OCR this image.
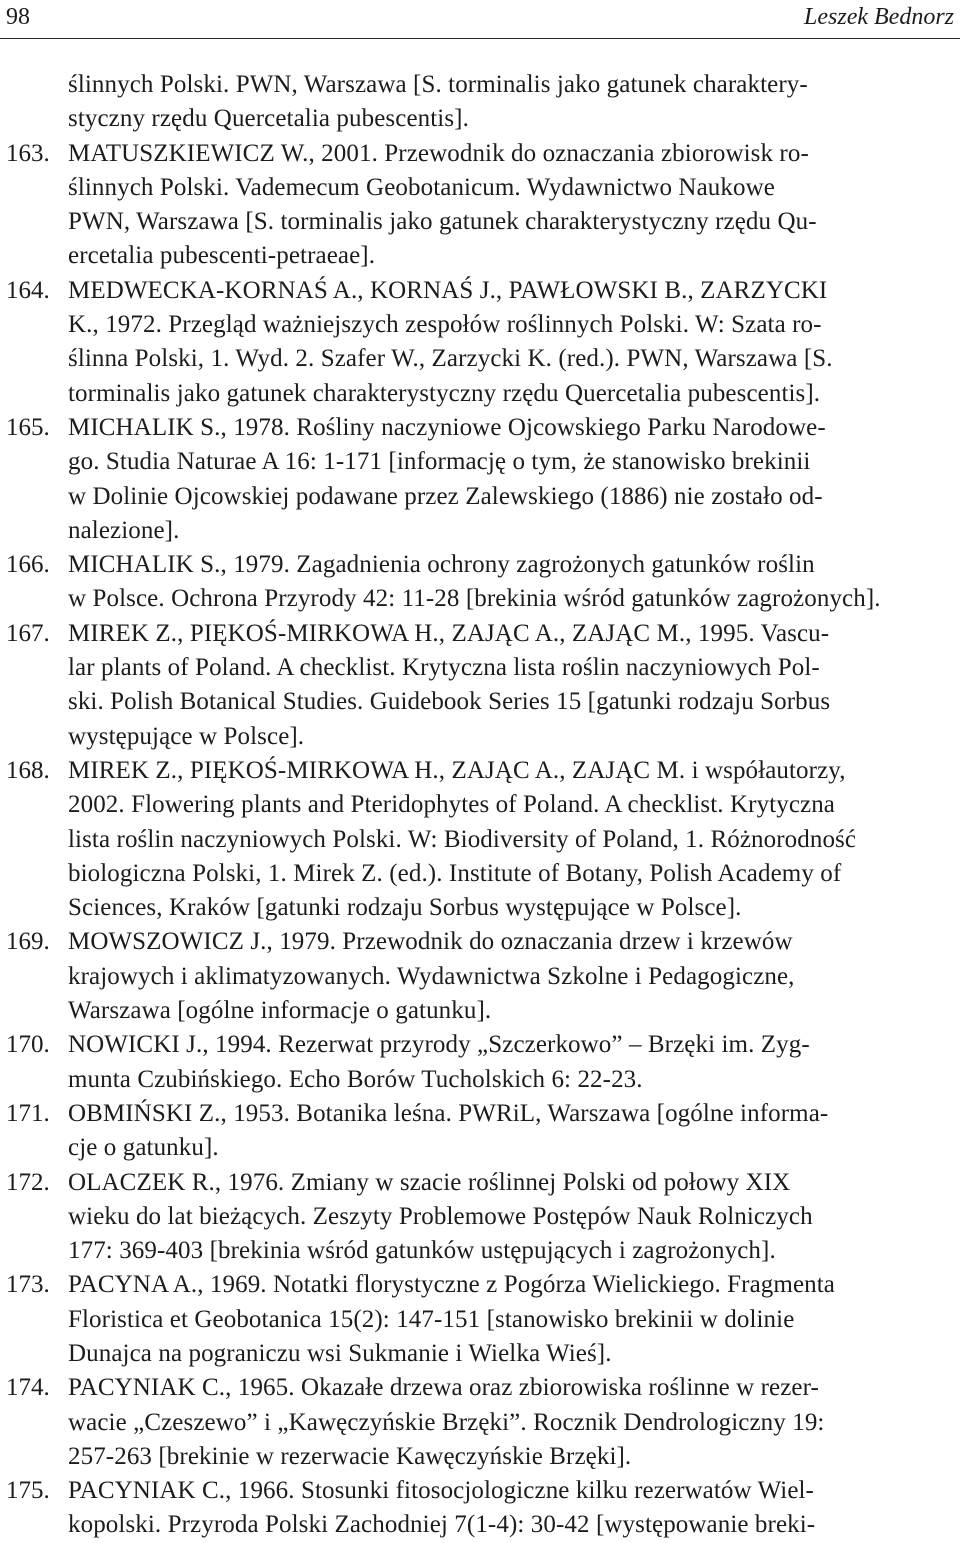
98	Leszek Bednorz
ślinnych Polski. PWN, Warszawa [S. torminalis jako gatunek charaktery-
styczny rzędu Quercetalia pubescentis].
163. MATUSZKIEWICZ W., 2001. Przewodnik do oznaczania zbiorowisk ro-
ślinnych Polski. Vademecum Geobotanicum. Wydawnictwo Naukowe
PWN, Warszawa [S. torminalis jako gatunek charakterystyczny rzędu Qu-
ercetalia pubescenti-petraeae].
164. MEDWECKA-KORNAŚ A., KORNAŚ J., PAWŁOWSKI B., ZARZYCKI
K., 1972. Przegląd ważniejszych zespołów roślinnych Polski. W: Szata ro-
ślinna Polski, 1. Wyd. 2. Szafer W., Zarzycki K. (red.). PWN, Warszawa [S.
torminalis jako gatunek charakterystyczny rzędu Quercetalia pubescentis].
165. MICHALIK S., 1978. Rośliny naczyniowe Ojcowskiego Parku Narodowe-
go. Studia Naturae A 16: 1-171 [informację o tym, że stanowisko brekinii
w Dolinie Ojcowskiej podawane przez Zalewskiego (1886) nie zostało od-
nalezione].
166. MICHALIK S., 1979. Zagadnienia ochrony zagrożonych gatunków roślin
w Polsce. Ochrona Przyrody 42: 11-28 [brekinia wśród gatunków zagrożonych].
167. MIREK Z., PIĘKOŚ-MIRKOWA H., ZAJĄC A., ZAJĄC M., 1995. Vascu-
lar plants of Poland. A checklist. Krytyczna lista roślin naczyniowych Pol-
ski. Polish Botanical Studies. Guidebook Series 15 [gatunki rodzaju Sorbus
występujące w Polsce].
168. MIREK Z., PIĘKOŚ-MIRKOWA H., ZAJĄC A., ZAJĄC M. i współautorzy,
2002. Flowering plants and Pteridophytes of Poland. A checklist. Krytyczna
lista roślin naczyniowych Polski. W: Biodiversity of Poland, 1. Różnorodność
biologiczna Polski, 1. Mirek Z. (ed.). Institute of Botany, Polish Academy of
Sciences, Kraków [gatunki rodzaju Sorbus występujące w Polsce].
169. MOWSZOWICZ J., 1979. Przewodnik do oznaczania drzew i krzewów
krajowych i aklimatyzowanych. Wydawnictwa Szkolne i Pedagogiczne,
Warszawa [ogólne informacje o gatunku].
170. NOWICKI J., 1994. Rezerwat przyrody „Szczerkowo” – Brzęki im. Zyg-
munta Czubińskiego. Echo Borów Tucholskich 6: 22-23.
171. OBMIŃSKI Z., 1953. Botanika leśna. PWRiL, Warszawa [ogólne informa-
cje o gatunku].
172. OLACZEK R., 1976. Zmiany w szacie roślinnej Polski od połowy XIX
wieku do lat bieżących. Zeszyty Problemowe Postępów Nauk Rolniczych
177: 369-403 [brekinia wśród gatunków ustępujących i zagrożonych].
173. PACYNA A., 1969. Notatki florystyczne z Pogórza Wielickiego. Fragmenta
Floristica et Geobotanica 15(2): 147-151 [stanowisko brekinii w dolinie
Dunajca na pograniczu wsi Sukmanie i Wielka Wieś].
174. PACYNIAK C., 1965. Okazałe drzewa oraz zbiorowiska roślinne w rezer-
wacie „Czeszewo” i „Kawęczyńskie Brzęki”. Rocznik Dendrologiczny 19:
257-263 [brekinie w rezerwacie Kawęczyńskie Brzęki].
175. PACYNIAK C., 1966. Stosunki fitosocjologiczne kilku rezerwatów Wiel-
kopolski. Przyroda Polski Zachodniej 7(1-4): 30-42 [występowanie breki-
